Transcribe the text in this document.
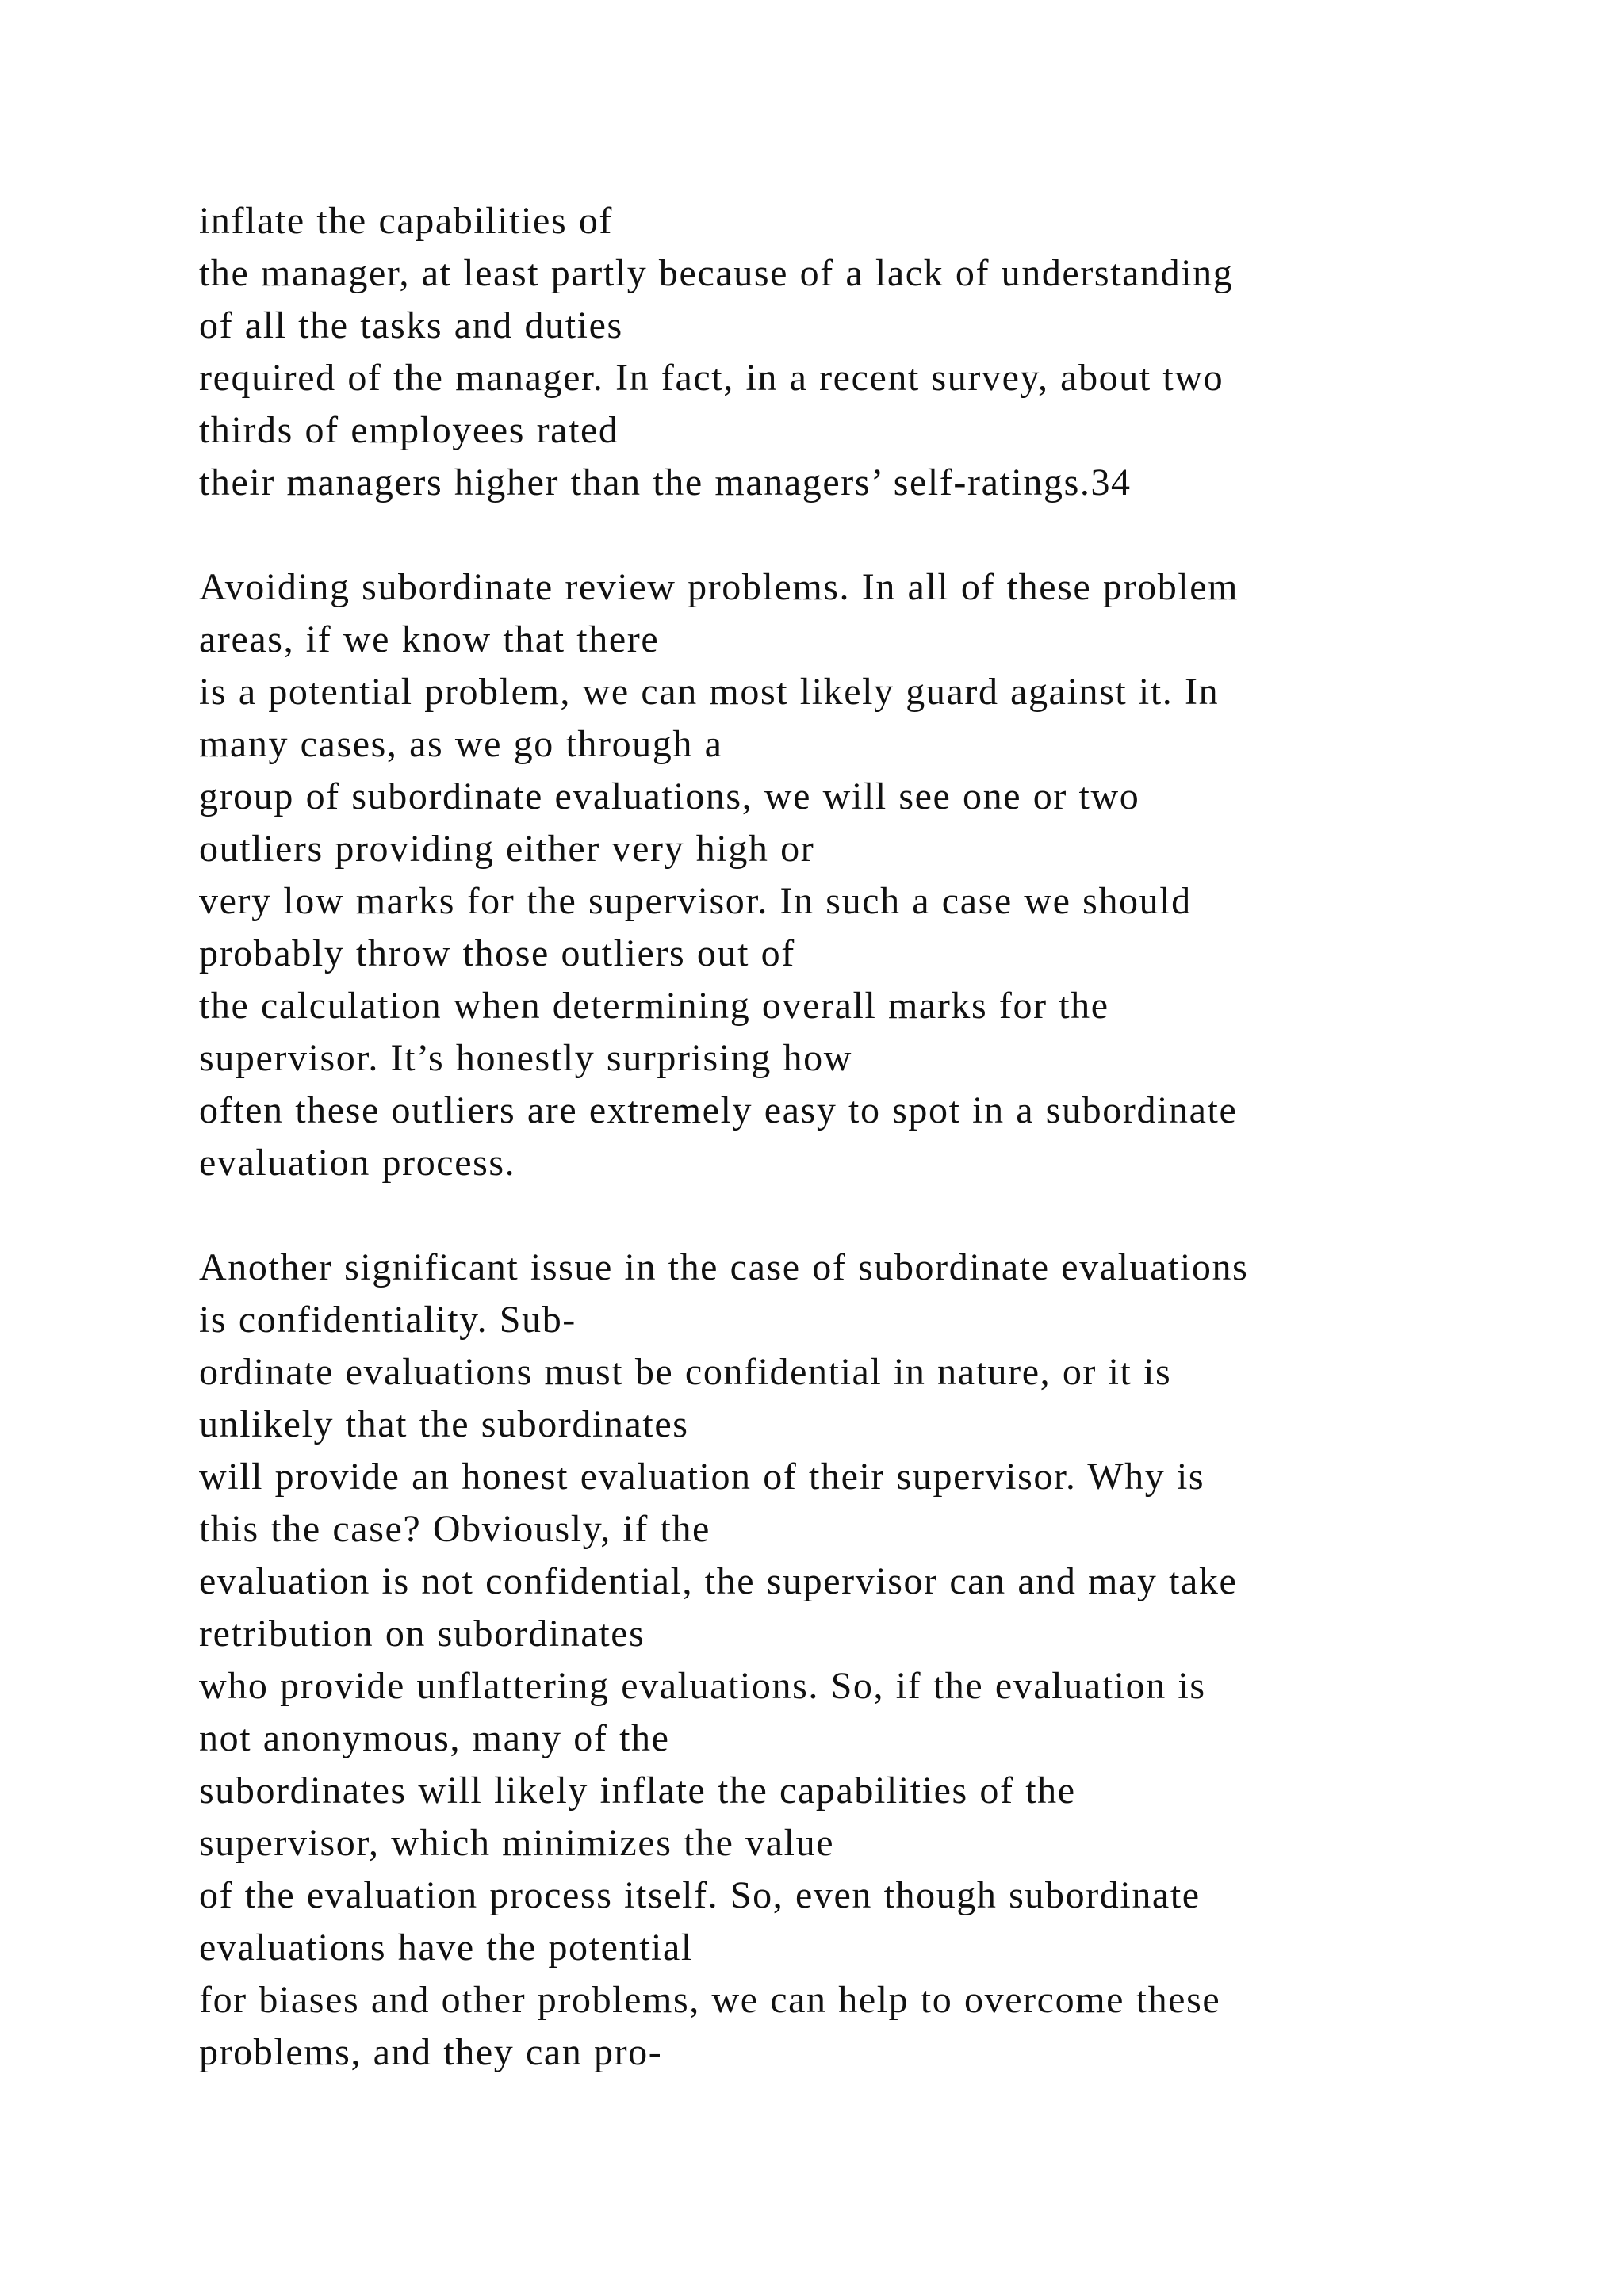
inflate the capabilities of
the manager, at least partly because of a lack of understanding
of all the tasks and duties
required of the manager. In fact, in a recent survey, about two
thirds of employees rated
their managers higher than the managers’ self-ratings.34
Avoiding subordinate review problems. In all of these problem
areas, if we know that there
is a potential problem, we can most likely guard against it. In
many cases, as we go through a
group of subordinate evaluations, we will see one or two
outliers providing either very high or
very low marks for the supervisor. In such a case we should
probably throw those outliers out of
the calculation when determining overall marks for the
supervisor. It’s honestly surprising how
often these outliers are extremely easy to spot in a subordinate
evaluation process.
Another significant issue in the case of subordinate evaluations
is confidentiality. Sub-
ordinate evaluations must be confidential in nature, or it is
unlikely that the subordinates
will provide an honest evaluation of their supervisor. Why is
this the case? Obviously, if the
evaluation is not confidential, the supervisor can and may take
retribution on subordinates
who provide unflattering evaluations. So, if the evaluation is
not anonymous, many of the
subordinates will likely inflate the capabilities of the
supervisor, which minimizes the value
of the evaluation process itself. So, even though subordinate
evaluations have the potential
for biases and other problems, we can help to overcome these
problems, and they can pro-
